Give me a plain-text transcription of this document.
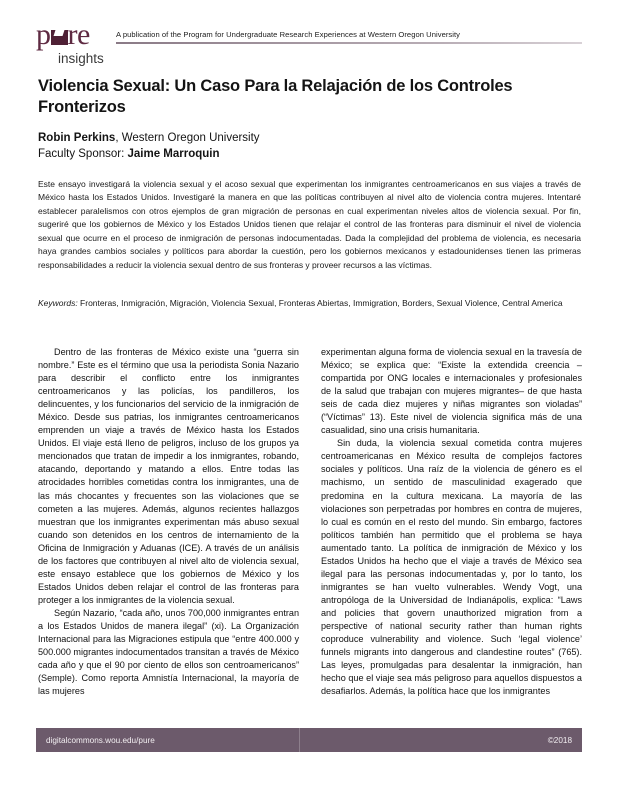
p re
insights
A publication of the Program for Undergraduate Research Experiences at Western Oregon University
Violencia Sexual: Un Caso Para la Relajación de los Controles Fronterizos
Robin Perkins, Western Oregon University
Faculty Sponsor: Jaime Marroquin
Este ensayo investigará la violencia sexual y el acoso sexual que experimentan los inmigrantes centroamericanos en sus viajes a través de México hasta los Estados Unidos. Investigaré la manera en que las políticas contribuyen al nivel alto de violencia contra mujeres. Intentaré establecer paralelismos con otros ejemplos de gran migración de personas en cual experimentan niveles altos de violencia sexual. Por fin, sugeriré que los gobiernos de México y los Estados Unidos tienen que relajar el control de las fronteras para disminuir el nivel de violencia sexual que ocurre en el proceso de inmigración de personas indocumentadas. Dada la complejidad del problema de violencia, es necesaria haya grandes cambios sociales y políticos para abordar la cuestión, pero los gobiernos mexicanos y estadounidenses tienen las primeras responsabilidades a reducir la violencia sexual dentro de sus fronteras y proveer recursos a las víctimas.
Keywords: Fronteras, Inmigración, Migración, Violencia Sexual, Fronteras Abiertas, Immigration, Borders, Sexual Violence, Central America

Dentro de las fronteras de México existe una “guerra sin nombre.” Este es el término que usa la periodista Sonia Nazario para describir el conflicto entre los inmigrantes centroamericanos y las policías, los pandilleros, los delincuentes, y los funcionarios del servicio de la inmigración de México. Desde sus patrias, los inmigrantes centroamericanos emprenden un viaje a través de México hasta los Estados Unidos. El viaje está lleno de peligros, incluso de los grupos ya mencionados que tratan de impedir a los inmigrantes, robando, atacando, deportando y matando a ellos. Entre todas las atrocidades horribles cometidas contra los inmigrantes, una de las más chocantes y frecuentes son las violaciones que se cometen a las mujeres. Además, algunos recientes hallazgos muestran que los inmigrantes experimentan más abuso sexual cuando son detenidos en los centros de internamiento de la Oficina de Inmigración y Aduanas (ICE). A través de un análisis de los factores que contribuyen al nivel alto de violencia sexual, este ensayo establece que los gobiernos de México y los Estados Unidos deben relajar el control de las fronteras para proteger a los inmigrantes de la violencia sexual.

Según Nazario, “cada año, unos 700,000 inmigrantes entran a los Estados Unidos de manera ilegal” (xi). La Organización Internacional para las Migraciones estipula que “entre 400.000 y 500.000 migrantes indocumentados transitan a través de México cada año y que el 90 por ciento de ellos son centroamericanos” (Semple). Como reporta Amnistía Internacional, la mayoría de las mujeres

experimentan alguna forma de violencia sexual en la travesía de México; se explica que: “Existe la extendida creencia –compartida por ONG locales e internacionales y profesionales de la salud que trabajan con mujeres migrantes– de que hasta seis de cada diez mujeres y niñas migrantes son violadas” (“Víctimas” 13). Este nivel de violencia significa más de una casualidad, sino una crisis humanitaria.

Sin duda, la violencia sexual cometida contra mujeres centroamericanas en México resulta de complejos factores sociales y políticos. Una raíz de la violencia de género es el machismo, un sentido de masculinidad exagerado que predomina en la cultura mexicana. La mayoría de las violaciones son perpetradas por hombres en contra de mujeres, lo cual es común en el resto del mundo. Sin embargo, factores políticos también han permitido que el problema se haya aumentado tanto. La política de inmigración de México y los Estados Unidos ha hecho que el viaje a través de México sea ilegal para las personas indocumentadas y, por lo tanto, los inmigrantes se han vuelto vulnerables. Wendy Vogt, una antropóloga de la Universidad de Indianápolis, explica: “Laws and policies that govern unauthorized migration from a perspective of national security rather than human rights coproduce vulnerability and violence. Such ‘legal violence’ funnels migrants into dangerous and clandestine routes” (765). Las leyes, promulgadas para desalentar la inmigración, han hecho que el viaje sea más peligroso para aquellos dispuestos a desafiarlos. Además, la política hace que los inmigrantes

digitalcommons.wou.edu/pure	©2018
